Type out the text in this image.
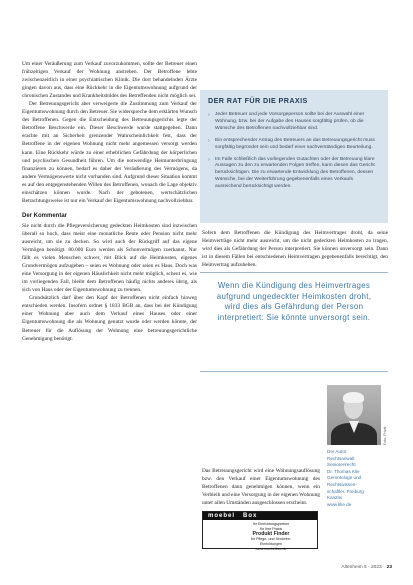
Um einer Veräußerung zum Verkauf zuvorzukommen, sollte der Betreuer einen frühzeitigen Verkauf der Wohnung anstreben. Der Betroffene lebte zwischenzeitlich in einer psychiatrischen Klinik. Die dort behandelnden Ärzte gingen davon aus, dass eine Rückkehr in die Eigentumswohnung aufgrund der chronischen Zustandes und Krankheitsbildes des Betreffenden nicht möglich sei.

Der Betreuungsgericht aber verweigerte die Zustimmung zum Verkauf der Eigentumswohnung durch den Betreuer. Sie widerspreche dem erklärten Wunsch des Betroffenen. Gegen die Entscheidung des Betreuungsgerichts legte der Betroffene Beschwerde ein. Dieser Beschwerde wurde stattgegeben. Dann erachte mit an Sicherheit grenzender Wahrscheinlichkeit fest, dass der Betroffene in der eigenen Wohnung nicht mehr angemessen versorgt werden kann. Eine Rückkehr würde zu einer erheblichen Gefährdung der körperlichen und psychischen Gesundheit führen. Um die notwendige Heimunterbringung finanzieren zu können, bedarf es daher der Veräußerung des Vermögens, da andere Vermögenswerte nicht vorhanden sind. Aufgrund dieser Situation kommt es auf den entgegenstehenden Willen des Betroffenen, wonach die Lage objektiv einschätzen können wurde. Nach der gebotenen, wertschätzlichen Betrachtungsweise ist nur ein Verkauf der Eigentumswohnung nachvollziehbar.

Der Kommentar

Sie nicht durch die Pflegeversicherung gedeckten Heimkosten sind inzwischen überall so hoch, dass meist eine monatliche Rente oder Pension nicht mehr ausreicht, um sie zu decken. So wird auch der Rückgriff auf das eigene Vermögen benötigt. 80.000 Euro werden als Schonvermögen zuerkannt. Nur fällt es vielen Menschen schwer, mit Blick auf die Heimkosten, eigenes Grundvermögen aufzugeben – seien es Wohnung oder seien es Haus. Doch was eine Versorgung in der eigenen Häuslichkeit nicht mehr möglich, scheut es, wie im vorliegenden Fall, bleibt dem Betroffenen häufig nichts anderes übrig, als sich von Haus oder der Eigentumswohnung zu trennen.

Grundsätzlich darf über den Kopf der Betroffenen nicht einfach hinweg entschieden werden. Insofern ordnet § 1833 BGB an, dass bei der Kündigung einer Wohnung aber auch dem Verkauf eines Hauses oder einer Eigentumswohnung die als Wohnung genutzt wurde oder werden könnte, der Betreuer für die Auflösung der Wohnung eine betreuungsgerichtliche Genehmigung benötigt.

DER RAT FÜR DIE PRAXIS
› Jeder Betreuer und jede Vorsorgeperson sollte bei der Auswahl einer Wohnung, bzw. bei der Aufgabe des Hauses sorgfältig prüfen, ob die Wünsche des Betroffenen nachvollziehbar sind.
› Ein entsprechender Antrag des Betreuers an das Betreuungsgericht muss sorgfältig begründet sein und bedarf einer sachverständigen Beurteilung.
› Im Falle schließlich das vorliegenden Gutachten oder der Betreuung klare Aussagen zu den zu erwartenden Folgen treffen, kann diesen das Gericht berücksichtigen. Die zu erwartende Entwicklung des Betroffenen, dessen Wünsche, bei der Weiterführung gegebenenfalls eines Verkaufs ausreichend berücksichtigt werden.

Sofern dem Betroffenen die Kündigung des Heimvertrages droht, da seine Heimverträge nicht mehr ausreicht, um die nicht gedeckten Heimkosten zu tragen, wird dies als Gefährdung der Person interpretiert. Sie können unversorgt sein. Dann ist in diesem Fällen bei entschiedenen Heimvertragen gegebenenfalls berechtigt, den Heimvertrag aufzuheben.

Wenn die Kündigung des Heimvertrages aufgrund ungedeckter Heimkosten droht, wird dies als Gefährdung der Person interpretiert: Sie könnte unversorgt sein.
Foto: Privat
Der Autor:
Rechtsanwalt
Seniorenrecht
Dr. Thomas Klie
Gerontologe und
Rechtswissen-
schaftler, Freiburg
Kanzlei
www.klie.de

Das Betreuungsgericht wird eine Wohnungsauflösung bzw. den Verkauf einer Eigentumswohnung des Betroffenen dann genehmigen können, wenn ein Verbleib und eine Versorgung in der eigenen Wohnung unter allen Umständen ausgeschlossen erscheint.

moebel Box
Ihr Einrichtungspartner
für Ihre Praxis
Produkt Finder
für Pflege- und Senioren-
Einrichtungen
www.moebelbox.de
Altenheim 5 · 2023 23
